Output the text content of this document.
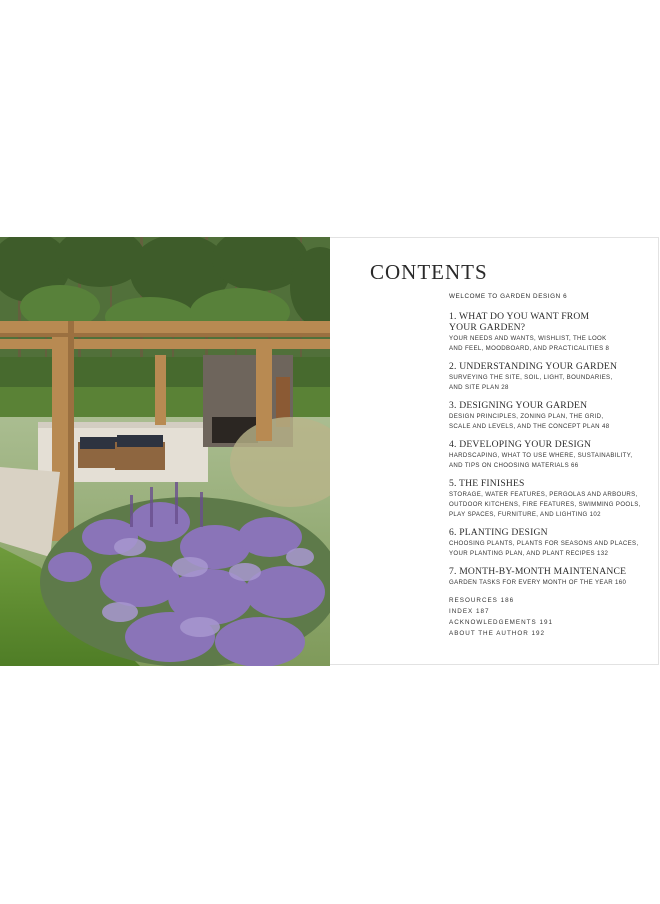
CONTENTS
WELCOME TO GARDEN DESIGN 6
1. WHAT DO YOU WANT FROM
YOUR GARDEN?
YOUR NEEDS AND WANTS, WISHLIST, THE LOOK
AND FEEL, MOODBOARD, AND PRACTICALITIES 8
2. UNDERSTANDING YOUR GARDEN
SURVEYING THE SITE, SOIL, LIGHT, BOUNDARIES,
AND SITE PLAN 28
3. DESIGNING YOUR GARDEN
DESIGN PRINCIPLES, ZONING PLAN, THE GRID,
SCALE AND LEVELS, AND THE CONCEPT PLAN 48
4. DEVELOPING YOUR DESIGN
HARDSCAPING, WHAT TO USE WHERE, SUSTAINABILITY,
AND TIPS ON CHOOSING MATERIALS 66
5. THE FINISHES
STORAGE, WATER FEATURES, PERGOLAS AND ARBOURS,
OUTDOOR KITCHENS, FIRE FEATURES, SWIMMING POOLS,
PLAY SPACES, FURNITURE, AND LIGHTING 102
6. PLANTING DESIGN
CHOOSING PLANTS, PLANTS FOR SEASONS AND PLACES,
YOUR PLANTING PLAN, AND PLANT RECIPES 132
7. MONTH-BY-MONTH MAINTENANCE
GARDEN TASKS FOR EVERY MONTH OF THE YEAR 160
RESOURCES 186
INDEX 187
ACKNOWLEDGEMENTS 191
ABOUT THE AUTHOR 192
